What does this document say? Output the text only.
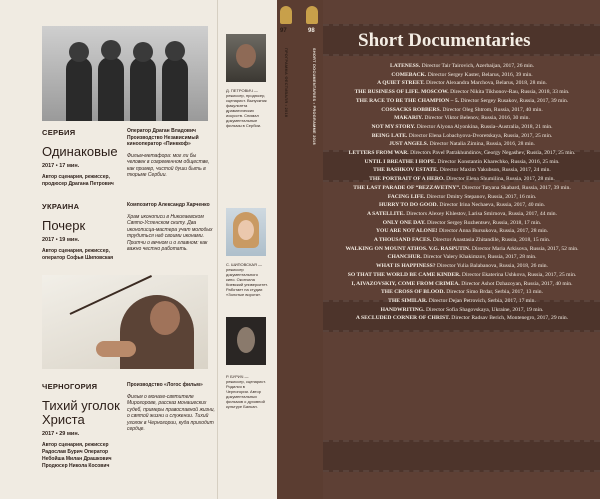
СЕРБИЯ
Одинаковые
2017 • 17 мин.
Автор сценария, режиссер, продюсер Драгана Петрович
Оператор Драган Владович Производство Независимый кинооператор «Пинккоф»
Фильм-метафора: мог ли бы человек в современном обществе, как пример, чистой души быть в тюрьме Сербии.
УКРАИНА
Почерк
2017 • 19 мин.
Автор сценария, режиссер, оператор Софья Шиповская
Композитор Александр Харченко
Храм иконописи в Николаевском Свято-Успенском скиту. Два иконописца-мастера учат молодых трудиться над своими иконами. Притчи о вечном и о главном: как важно честно работать.
ЧЕРНОГОРИЯ
Тихий уголок Христа
2017 • 29 мин.
Автор сценария, режиссер Радослав Бурич Оператор Небойша Милан Драшкович Продюсер Никола Косович
Производство «Логос фильм»
Фильм о монахе-святителе Мирогорове, рассказ монашеских судеб, примеры православной жизни, о святой жизни и служении. Тихий уголок в Черногории, куда приходит сердце.
Д. ПЕТРОВИЧ — режиссер, продюсер, сценарист. Выпускник факультета драматических искусств. Снимал документальные фильмы в Сербии.
С. ШИПОВСКАЯ — режиссер документального кино. Окончила Киевский университет. Работает на студии «Золотые ворота».
Р. БУРИЧ — режиссер, сценарист. Родился в Черногории. Автор документальных фильмов о духовной культуре Балкан.
97	98
ПРОГРАММА ФЕСТИВАЛЯ • 2018	SHORT DOCUMENTARIES • PROGRAMME 2018
Short Documentaries
LATENESS. Director Tair Tairovich, Azerbaijan, 2017, 26 min.
COMEBACK. Director Sergey Kaster, Belarus, 2016, 39 min.
A QUIET STREET. Director Alexandra Marchova, Belarus, 2018, 28 min.
THE BUSINESS OF LIFE. MOSCOW. Director Nikita Tikhonov-Rau, Russia, 2018, 33 min.
THE RACE TO BE THE CHAMPION – 5. Director Sergey Rusakov, Russia, 2017, 39 min.
COSSACKS ROBBERS. Director Oleg Shtrom, Russia, 2017, 40 min.
MAKARIY. Director Viktor Belenov, Russia, 2016, 30 min.
NOT MY STORY. Director Alyona Alyonkina, Russia–Australia, 2018, 21 min.
BEING LATE. Director Elena Lobachyova-Dvoretskaya, Russia, 2017, 25 min.
JUST ANGELS. Director Natalia Zimina, Russia, 2016, 28 min.
LETTERS FROM WAR. Directors Pavel Patrakhundinov, Georgy Negashev, Russia, 2017, 25 min.
UNTIL I BREATHE I HOPE. Director Konstantin Kharechko, Russia, 2016, 25 min.
THE BASHKOV ESTATE. Director Maxim Yakubson, Russia, 2017, 24 min.
THE PORTRAIT OF A HERO. Director Elena Shumilina, Russia, 2017, 28 min.
THE LAST PARADE OF “BEZZAVETNY”. Director Tatyana Skabard, Russia, 2017, 39 min.
FACING LIFE. Director Dmitry Stepanov, Russia, 2017, 16 min.
HURRY TO DO GOOD. Director Irina Nechaeva, Russia, 2017, 40 min.
A SATELLITE. Directors Alexey Khlestov, Larisa Smirnova, Russia, 2017, 44 min.
ONLY ONE DAY. Director Sergey Rozhentsev, Russia, 2018, 17 min.
YOU ARE NOT ALONE! Director Anna Bursukova, Russia, 2017, 28 min.
A THOUSAND FACES. Director Anastasia Zhitandile, Russia, 2018, 15 min.
WALKING ON MOUNT ATHOS. V.G. RASPUTIN. Director Maria Arkisova, Russia, 2017, 52 min.
CHANCHUR. Director Valery Khakimzov, Russia, 2017, 28 min.
WHAT IS HAPPINESS? Director Yulia Balabanova, Russia, 2018, 26 min.
SO THAT THE WORLD BE CAME KINDER. Director Ekaterina Ushkova, Russia, 2017, 25 min.
I, AIVAZOVSKIY, COME FROM CRIMEA. Director Ashot Dzhazoyan, Russia, 2017, 40 min.
THE CROSS OF BLOOD. Director Simo Brdar, Serbia, 2017, 13 min.
THE SIMILAR. Director Dejan Petrovich, Serbia, 2017, 17 min.
HANDWRITING. Director Sofia Shagovskaya, Ukraine, 2017, 19 min.
A SECLUDED CORNER OF CHRIST. Director Radsav Berich, Montenegro, 2017, 29 min.
